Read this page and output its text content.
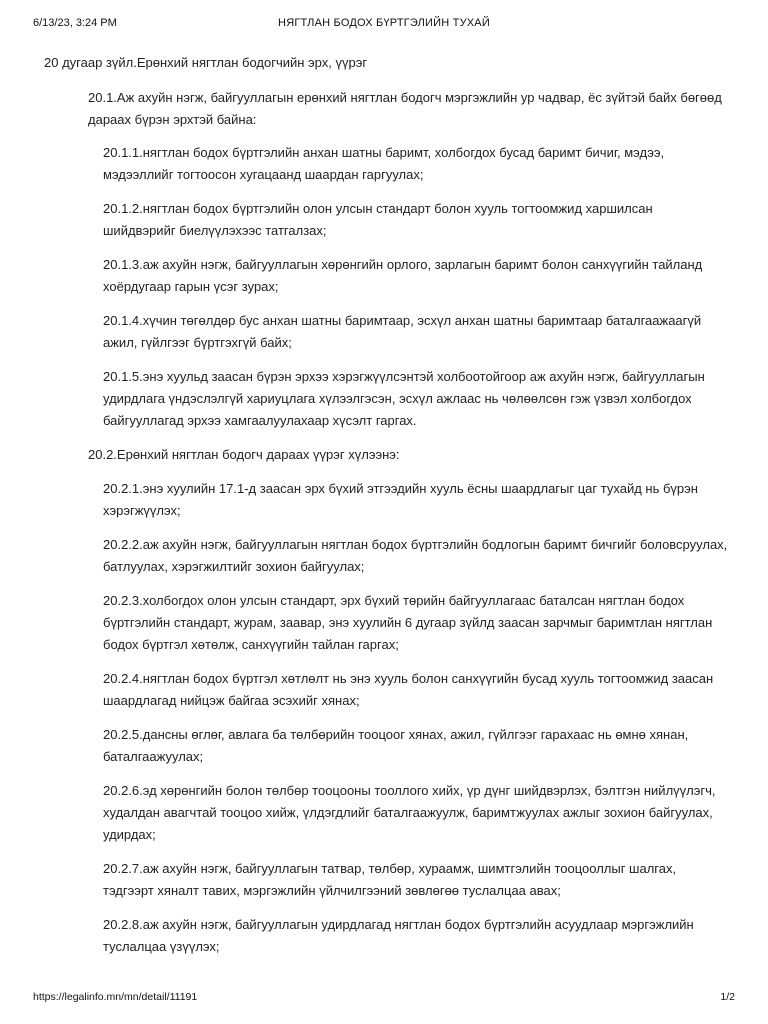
6/13/23, 3:24 PM	НЯГТЛАН БОДОХ БҮРТГЭЛИЙН ТУХАЙ

20 дугаар зүйл.Ерөнхий нягтлан бодогчийн эрх, үүрэг

20.1.Аж ахуйн нэгж, байгууллагын ерөнхий нягтлан бодогч мэргэжлийн ур чадвар, ёс зүйтэй байх бөгөөд дараах бүрэн эрхтэй байна:

20.1.1.нягтлан бодох бүртгэлийн анхан шатны баримт, холбогдох бусад баримт бичиг, мэдээ, мэдээллийг тогтоосон хугацаанд шаардан гаргуулах;

20.1.2.нягтлан бодох бүртгэлийн олон улсын стандарт болон хууль тогтоомжид харшилсан шийдвэрийг биелүүлэхээс татгалзах;

20.1.3.аж ахуйн нэгж, байгууллагын хөрөнгийн орлого, зарлагын баримт болон санхүүгийн тайланд хоёрдугаар гарын үсэг зурах;

20.1.4.хүчин төгөлдөр бус анхан шатны баримтаар, эсхүл анхан шатны баримтаар баталгаажаагүй ажил, гүйлгээг бүртгэхгүй байх;

20.1.5.энэ хуульд заасан бүрэн эрхээ хэрэгжүүлсэнтэй холбоотойгоор аж ахуйн нэгж, байгууллагын удирдлага үндэслэлгүй хариуцлага хүлээлгэсэн, эсхүл ажлаас нь чөлөөлсөн гэж үзвэл холбогдох байгууллагад эрхээ хамгаалуулахаар хүсэлт гаргах.

20.2.Ерөнхий нягтлан бодогч дараах үүрэг хүлээнэ:

20.2.1.энэ хуулийн 17.1-д заасан эрх бүхий этгээдийн хууль ёсны шаардлагыг цаг тухайд нь бүрэн хэрэгжүүлэх;

20.2.2.аж ахуйн нэгж, байгууллагын нягтлан бодох бүртгэлийн бодлогын баримт бичгийг боловсруулах, батлуулах, хэрэгжилтийг зохион байгуулах;

20.2.3.холбогдох олон улсын стандарт, эрх бүхий төрийн байгууллагаас баталсан нягтлан бодох бүртгэлийн стандарт, журам, заавар, энэ хуулийн 6 дугаар зүйлд заасан зарчмыг баримтлан нягтлан бодох бүртгэл хөтөлж, санхүүгийн тайлан гаргах;

20.2.4.нягтлан бодох бүртгэл хөтлөлт нь энэ хууль болон санхүүгийн бусад хууль тогтоомжид заасан шаардлагад нийцэж байгаа эсэхийг хянах;

20.2.5.дансны өглөг, авлага ба төлбөрийн тооцоог хянах, ажил, гүйлгээг гарахаас нь өмнө хянан, баталгаажуулах;

20.2.6.эд хөрөнгийн болон төлбөр тооцооны тооллого хийх, үр дүнг шийдвэрлэх, бэлтгэн нийлүүлэгч, худалдан авагчтай тооцоо хийж, үлдэгдлийг баталгаажуулж, баримтжуулах ажлыг зохион байгуулах, удирдах;

20.2.7.аж ахуйн нэгж, байгууллагын татвар, төлбөр, хураамж, шимтгэлийн тооцооллыг шалгах, тэдгээрт хяналт тавих, мэргэжлийн үйлчилгээний зөвлөгөө туслалцаа авах;

20.2.8.аж ахуйн нэгж, байгууллагын удирдлагад нягтлан бодох бүртгэлийн асуудлаар мэргэжлийн туслалцаа үзүүлэх;

https://legalinfo.mn/mn/detail/11191	1/2
